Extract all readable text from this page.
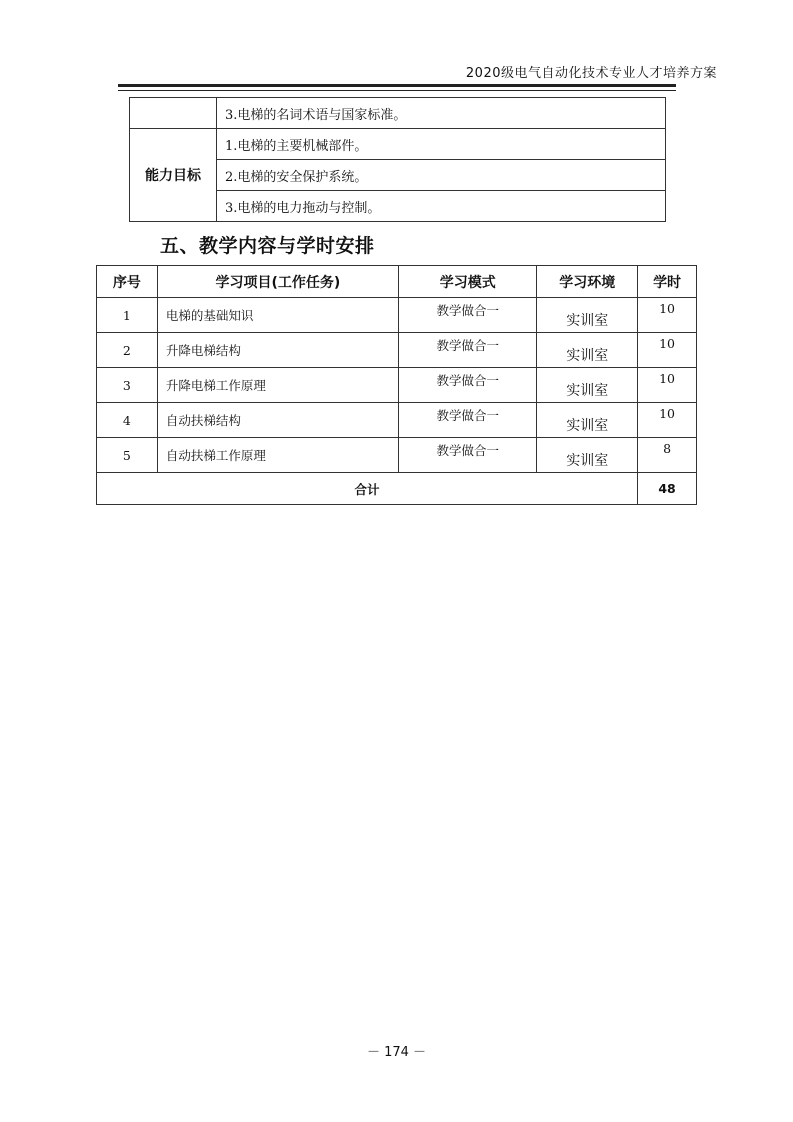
2020级电气自动化技术专业人才培养方案
	3.电梯的名词术语与国家标准。
能力目标	1.电梯的主要机械部件。
	2.电梯的安全保护系统。
	3.电梯的电力拖动与控制。
五、教学内容与学时安排
序号	学习项目(工作任务)	学习模式	学习环境	学时
1	电梯的基础知识	教学做合一	实训室	10
2	升降电梯结构	教学做合一	实训室	10
3	升降电梯工作原理	教学做合一	实训室	10
4	自动扶梯结构	教学做合一	实训室	10
5	自动扶梯工作原理	教学做合一	实训室	8
合计				48
－ 174 －
